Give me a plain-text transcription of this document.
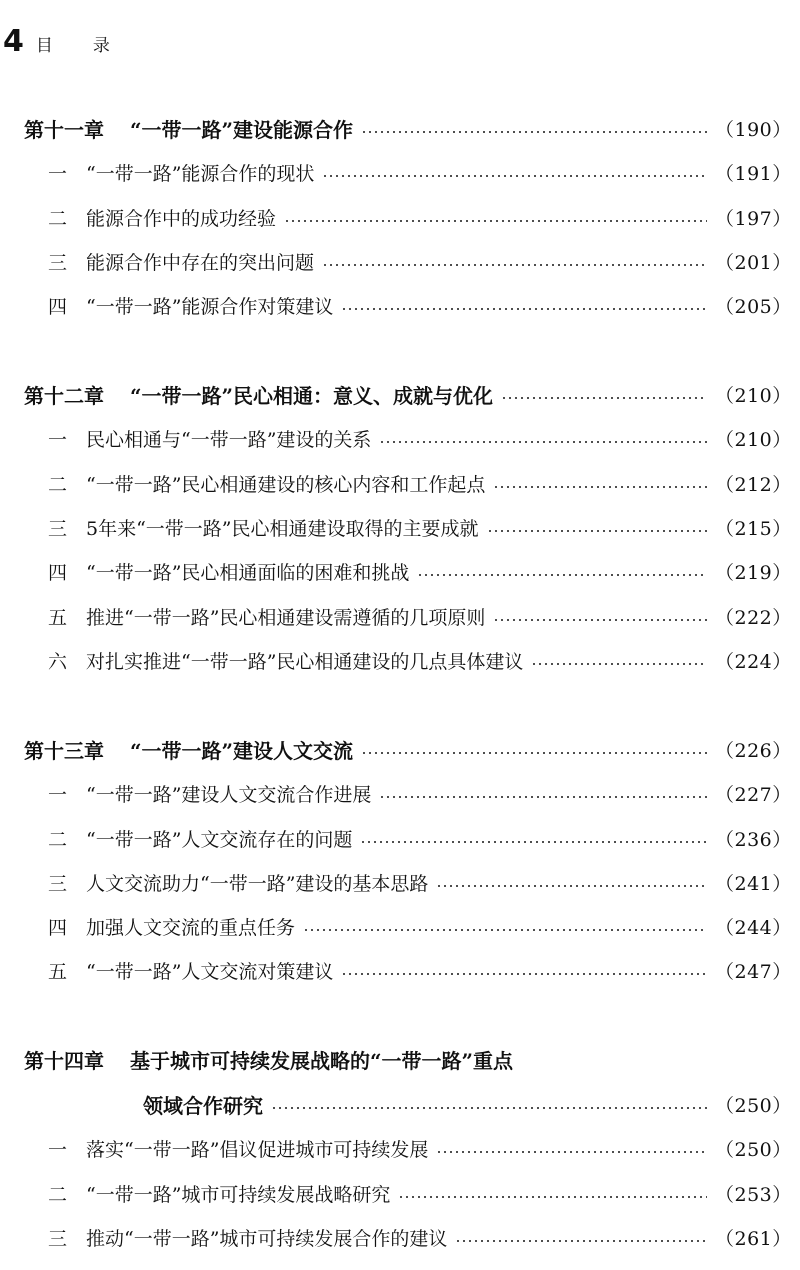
4 目 录
第十一章 “一带一路”建设能源合作	（190）
一 “一带一路”能源合作的现状	（191）
二 能源合作中的成功经验	（197）
三 能源合作中存在的突出问题	（201）
四 “一带一路”能源合作对策建议	（205）
第十二章 “一带一路”民心相通：意义、成就与优化	（210）
一 民心相通与“一带一路”建设的关系	（210）
二 “一带一路”民心相通建设的核心内容和工作起点	（212）
三 5年来“一带一路”民心相通建设取得的主要成就	（215）
四 “一带一路”民心相通面临的困难和挑战	（219）
五 推进“一带一路”民心相通建设需遵循的几项原则	（222）
六 对扎实推进“一带一路”民心相通建设的几点具体建议	（224）
第十三章 “一带一路”建设人文交流	（226）
一 “一带一路”建设人文交流合作进展	（227）
二 “一带一路”人文交流存在的问题	（236）
三 人文交流助力“一带一路”建设的基本思路	（241）
四 加强人文交流的重点任务	（244）
五 “一带一路”人文交流对策建议	（247）
第十四章 基于城市可持续发展战略的“一带一路”重点
领域合作研究	（250）
一 落实“一带一路”倡议促进城市可持续发展	（250）
二 “一带一路”城市可持续发展战略研究	（253）
三 推动“一带一路”城市可持续发展合作的建议	（261）
